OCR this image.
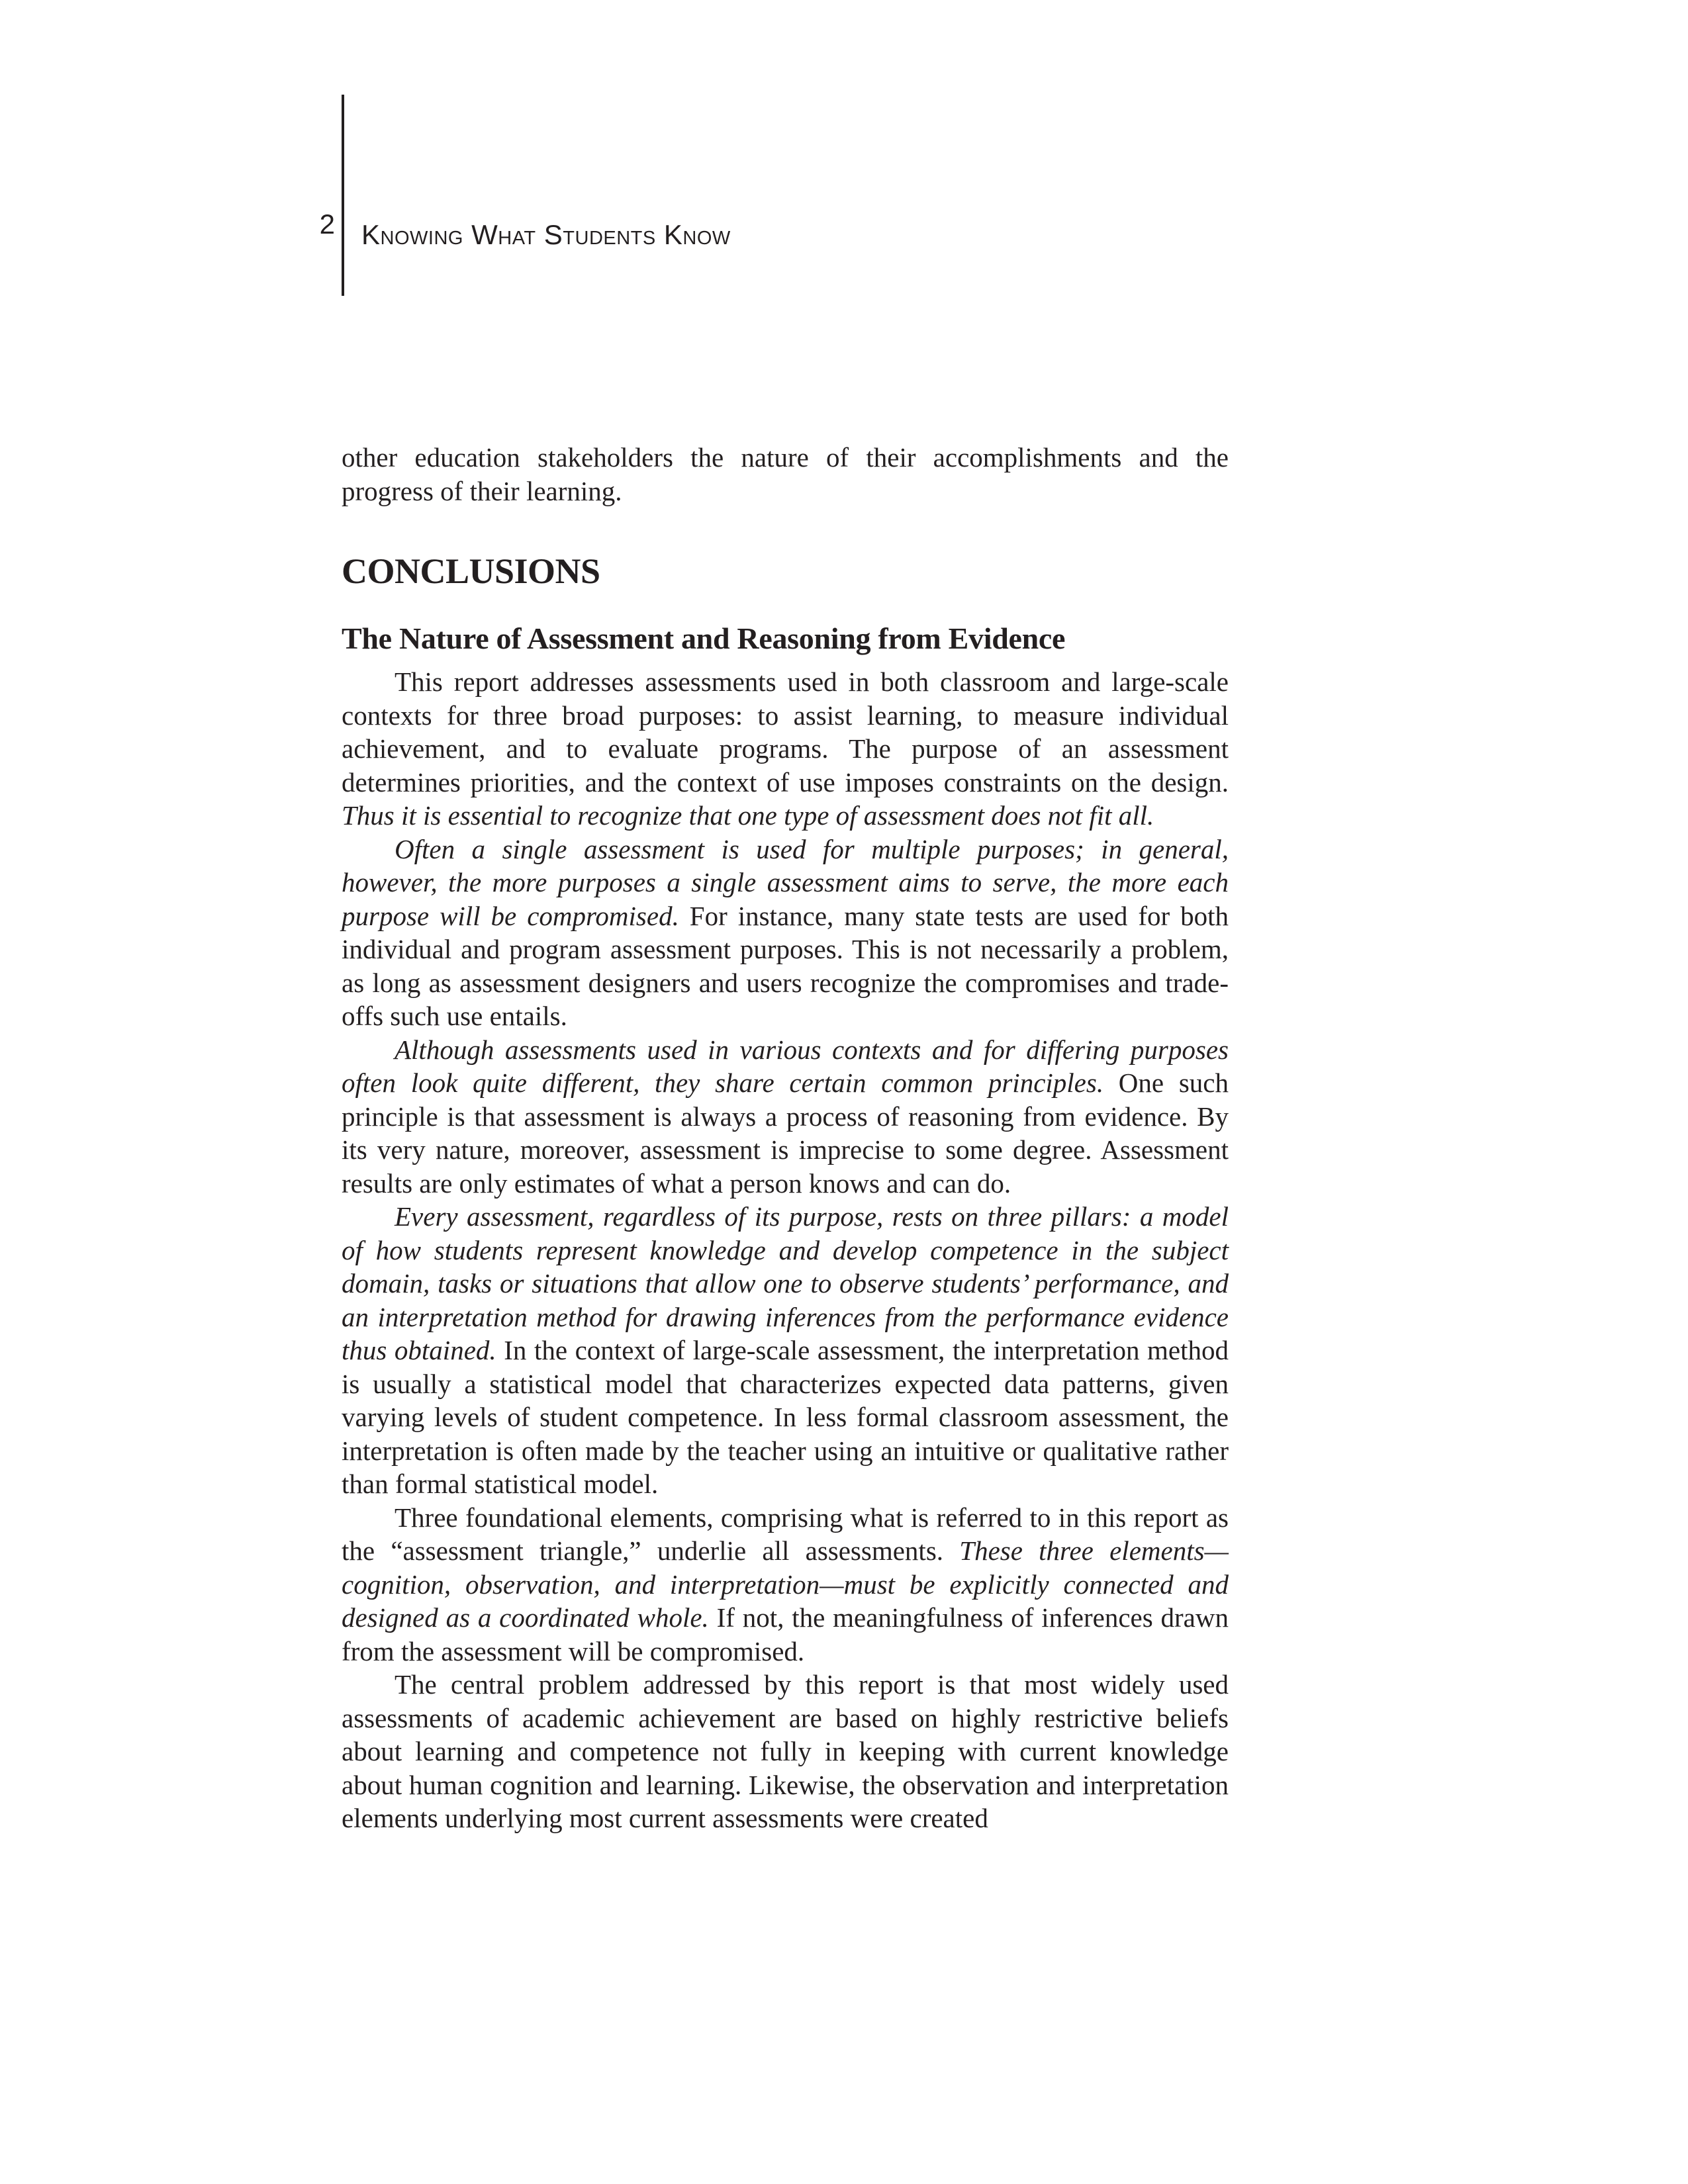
2 Knowing What Students Know

other education stakeholders the nature of their accomplishments and the progress of their learning.

CONCLUSIONS
The Nature of Assessment and Reasoning from Evidence

This report addresses assessments used in both classroom and large-scale contexts for three broad purposes: to assist learning, to measure individual achievement, and to evaluate programs. The purpose of an assessment determines priorities, and the context of use imposes constraints on the design. Thus it is essential to recognize that one type of assessment does not fit all.

Often a single assessment is used for multiple purposes; in general, however, the more purposes a single assessment aims to serve, the more each purpose will be compromised. For instance, many state tests are used for both individual and program assessment purposes. This is not necessarily a problem, as long as assessment designers and users recognize the compromises and trade-offs such use entails.

Although assessments used in various contexts and for differing purposes often look quite different, they share certain common principles. One such principle is that assessment is always a process of reasoning from evidence. By its very nature, moreover, assessment is imprecise to some degree. Assessment results are only estimates of what a person knows and can do.

Every assessment, regardless of its purpose, rests on three pillars: a model of how students represent knowledge and develop competence in the subject domain, tasks or situations that allow one to observe students’ performance, and an interpretation method for drawing inferences from the performance evidence thus obtained. In the context of large-scale assessment, the interpretation method is usually a statistical model that characterizes expected data patterns, given varying levels of student competence. In less formal classroom assessment, the interpretation is often made by the teacher using an intuitive or qualitative rather than formal statistical model.

Three foundational elements, comprising what is referred to in this report as the “assessment triangle,” underlie all assessments. These three elements—cognition, observation, and interpretation—must be explicitly connected and designed as a coordinated whole. If not, the meaningfulness of inferences drawn from the assessment will be compromised.

The central problem addressed by this report is that most widely used assessments of academic achievement are based on highly restrictive beliefs about learning and competence not fully in keeping with current knowledge about human cognition and learning. Likewise, the observation and interpretation elements underlying most current assessments were created
